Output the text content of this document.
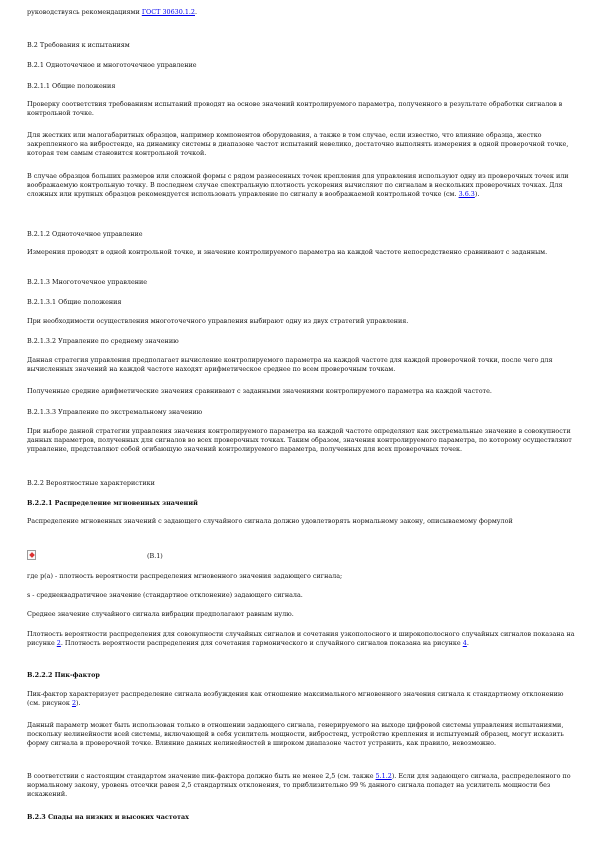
руководствуясь рекомендациями ГОСТ 30630.1.2.

В.2 Требования к испытаниям

В.2.1 Одноточечное и многоточечное управление

В.2.1.1 Общие положения

Проверку соответствия требованиям испытаний проводят на основе значений контролируемого параметра, полученного в результате обработки сигналов в контрольной точке.

Для жестких или малогабаритных образцов, например компонентов оборудования, а также в том случае, если известно, что влияние образца, жестко закрепленного на вибростенде, на динамику системы в диапазоне частот испытаний невелико, достаточно выполнять измерения в одной проверочной точке, которая тем самым становится контрольной точкой.

В случае образцов больших размеров или сложной формы с рядом разнесенных точек крепления для управления используют одну из проверочных точек или воображаемую контрольную точку. В последнем случае спектральную плотность ускорения вычисляют по сигналам в нескольких проверочных точках. Для сложных или крупных образцов рекомендуется использовать управление по сигналу в воображаемой контрольной точке (см. 3.6.3).

В.2.1.2 Одноточечное управление

Измерения проводят в одной контрольной точке, и значение контролируемого параметра на каждой частоте непосредственно сравнивают с заданным.

В.2.1.3 Многоточечное управление

В.2.1.3.1 Общие положения

При необходимости осуществления многоточечного управления выбирают одну из двух стратегий управления.

В.2.1.3.2 Управление по среднему значению

Данная стратегия управления предполагает вычисление контролируемого параметра на каждой частоте для каждой проверочной точки, после чего для вычисленных значений на каждой частоте находят арифметическое среднее по всем проверочным точкам.

Полученные средние арифметические значения сравнивают с заданными значениями контролируемого параметра на каждой частоте.

В.2.1.3.3 Управление по экстремальному значению

При выборе данной стратегии управления значения контролируемого параметра на каждой частоте определяют как экстремальные значение в совокупности данных параметров, полученных для сигналов во всех проверочных точках. Таким образом, значения контролируемого параметра, по которому осуществляют управление, представляют собой огибающую значений контролируемого параметра, полученных для всех проверочных точек.

В.2.2 Вероятностные характеристики

В.2.2.1 Распределение мгновенных значений

Распределение мгновенных значений с задающего случайного сигнала должно удовлетворять нормальному закону, описываемому формулой

(В.1)

где р(a) - плотность вероятности распределения мгновенного значения задающего сигнала;

s - среднеквадратичное значение (стандартное отклонение) задающего сигнала.

Среднее значение случайного сигнала вибрации предполагают равным нулю.

Плотность вероятности распределения для совокупности случайных сигналов и сочетания узкополосного и широкополосного случайных сигналов показана на рисунке 2. Плотность вероятности распределения для сочетания гармонического и случайного сигналов показана на рисунке 4.

В.2.2.2 Пик-фактор

Пик-фактор характеризует распределение сигнала возбуждения как отношение максимального мгновенного значения сигнала к стандартному отклонению (см. рисунок 2).

Данный параметр может быть использован только в отношении задающего сигнала, генерируемого на выходе цифровой системы управления испытаниями, поскольку нелинейности всей системы, включающей в себя усилитель мощности, вибростенд, устройство крепления и испытуемый образец, могут исказить форму сигнала в проверочной точке. Влияние данных нелинейностей в широком диапазоне частот устранить, как правило, невозможно.

В соответствии с настоящим стандартом значение пик-фактора должно быть не менее 2,5 (см. также 5.1.2). Если для задающего сигнала, распределенного по нормальному закону, уровень отсечки равен 2,5 стандартных отклонения, то приблизительно 99 % данного сигнала попадет на усилитель мощности без искажений.

В.2.3 Спады на низких и высоких частотах
